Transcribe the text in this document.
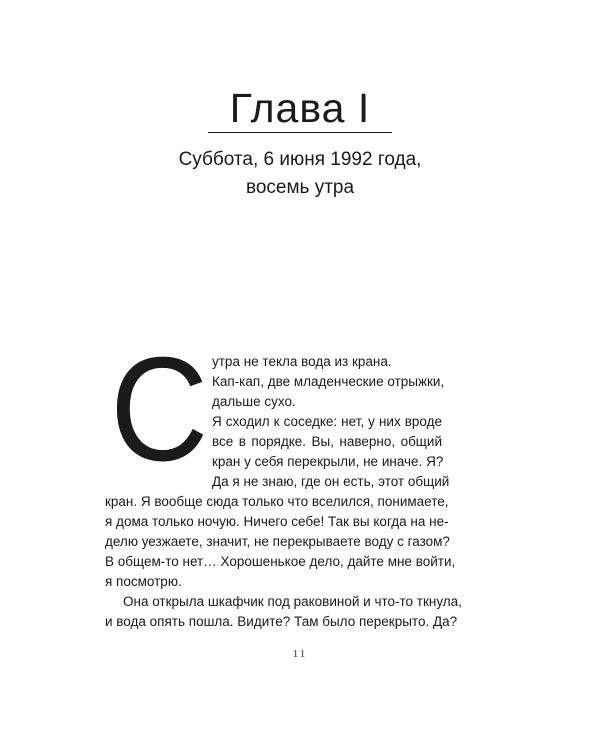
Глава I
Суббота, 6 июня 1992 года,
восемь утра
С утра не текла вода из крана.
Кап-кап, две младенческие отрыжки,
дальше сухо.
Я сходил к соседке: нет, у них вроде
все в порядке. Вы, наверно, общий
кран у себя перекрыли, не иначе. Я?
Да я не знаю, где он есть, этот общий
кран. Я вообще сюда только что вселился, понимаете,
я дома только ночую. Ничего себе! Так вы когда на не-
делю уезжаете, значит, не перекрываете воду с газом?
В общем-то нет… Хорошенькое дело, дайте мне войти,
я посмотрю.
Она открыла шкафчик под раковиной и что-то ткнула,
и вода опять пошла. Видите? Там было перекрыто. Да?
11
